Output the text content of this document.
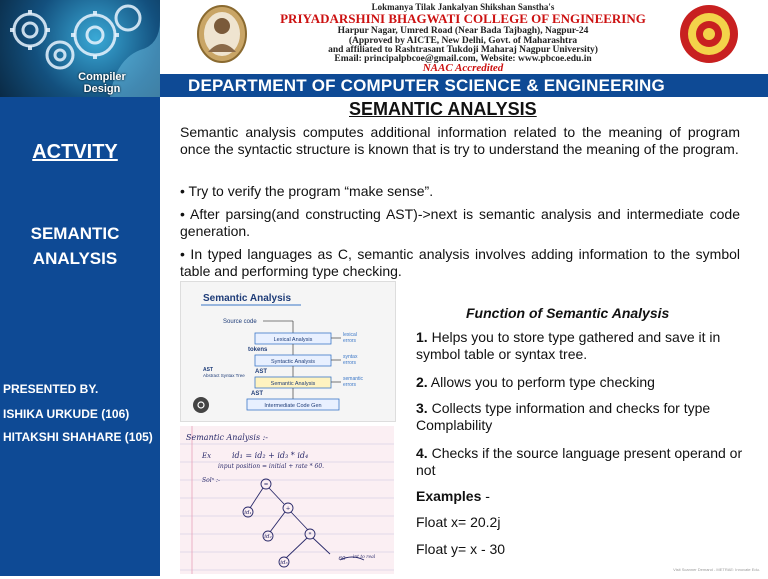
Compiler
Design
ACTVITY
SEMANTIC
ANALYSIS
PRESENTED BY.
ISHIKA URKUDE (106)
HITAKSHI SHAHARE (105)
Lokmanya Tilak Jankalyan Shikshan Sanstha's
PRIYADARSHINI BHAGWATI COLLEGE OF ENGINEERING
Harpur Nagar, Umred Road (Near Bada Tajbagh), Nagpur-24
(Approved by AICTE, New Delhi, Govt. of Maharashtra
and affiliated to Rashtrasant Tukdoji Maharaj Nagpur University)
Email: principalpbcoe@gmail.com, Website: www.pbcoe.edu.in
NAAC Accredited
DEPARTMENT OF COMPUTER SCIENCE & ENGINEERING
SEMANTIC ANALYSIS
Semantic analysis computes additional information related to the meaning of program once the syntactic structure is known that is try to understand the meaning of the program.
• Try to verify the program “make sense”.
• After parsing(and constructing AST)->next is semantic analysis and intermediate code generation.
• In typed languages as C, semantic analysis involves adding information to the symbol table and performing type checking.
Semantic Analysis
Source code
Lexical Analysis
lexical
errors
tokens
Syntactic Analysis
syntax
errors
AST
Abstract Syntax Tree
AST
Semantic Analysis
semantic
errors
AST
Intermediate Code Gen
Semantic Analysis :-
Ex	id₁ = id₂ + id₃ * id₄
input position = initial + rate * 60.
Solⁿ :-
=
id₁
+
id₂	*
id₃
60 int to real
Function of Semantic Analysis
1. Helps you to store type gathered and save it in symbol table or syntax tree.
2. Allows you to perform type checking
3. Collects type information and checks for type Complability
4. Checks if the source language present operand or not
Examples -
Float x= 20.2j
Float y= x - 30
Visit Scanner Demand - METRAE: Innovate Edu.
